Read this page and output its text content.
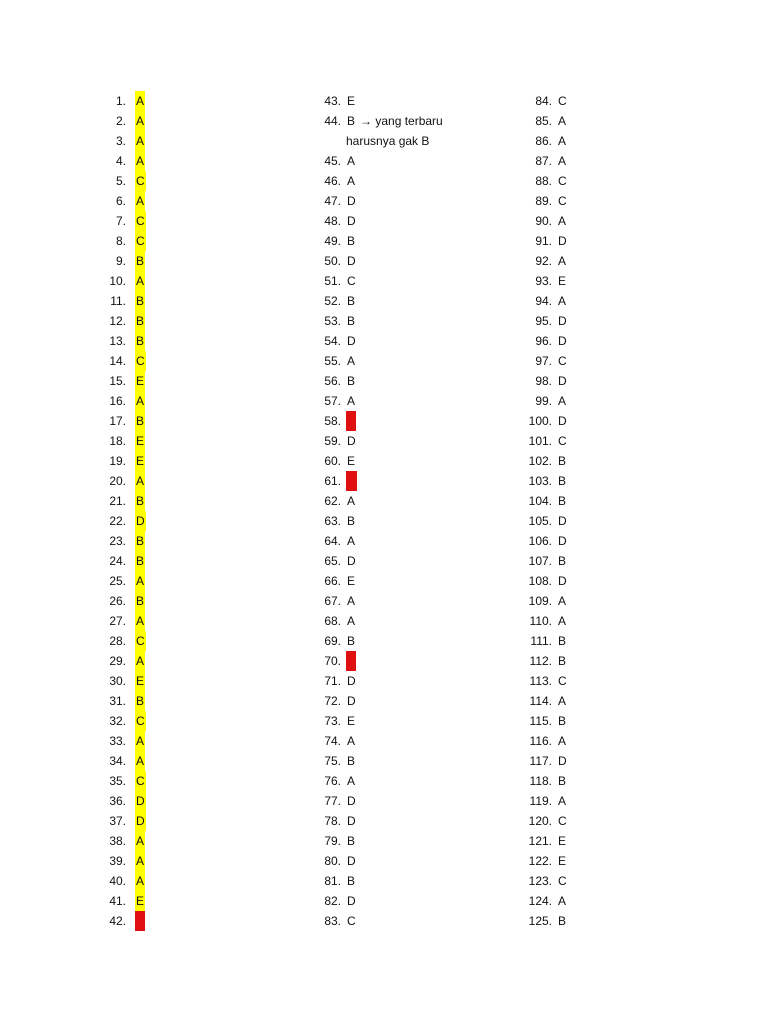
1. A
2. A
3. A
4. A
5. C
6. A
7. C
8. C
9. B
10. A
11. B
12. B
13. B
14. C
15. E
16. A
17. B
18. E
19. E
20. A
21. B
22. D
23. B
24. B
25. A
26. B
27. A
28. C
29. A
30. E
31. B
32. C
33. A
34. A
35. C
36. D
37. D
38. A
39. A
40. A
41. E
42. E
43. E
44. B → yang terbaru
harusnya gak B
45. A
46. A
47. D
48. D
49. B
50. D
51. C
52. B
53. B
54. D
55. A
56. B
57. A
58. E
59. D
60. E
61. D
62. A
63. B
64. A
65. D
66. E
67. A
68. A
69. B
70. E
71. D
72. D
73. E
74. A
75. B
76. A
77. D
78. D
79. B
80. D
81. B
82. D
83. C
84. C
85. A
86. A
87. A
88. C
89. C
90. A
91. D
92. A
93. E
94. A
95. D
96. D
97. C
98. D
99. A
100. D
101. C
102. B
103. B
104. B
105. D
106. D
107. B
108. D
109. A
110. A
111. B
112. B
113. C
114. A
115. B
116. A
117. D
118. B
119. A
120. C
121. E
122. E
123. C
124. A
125. B
